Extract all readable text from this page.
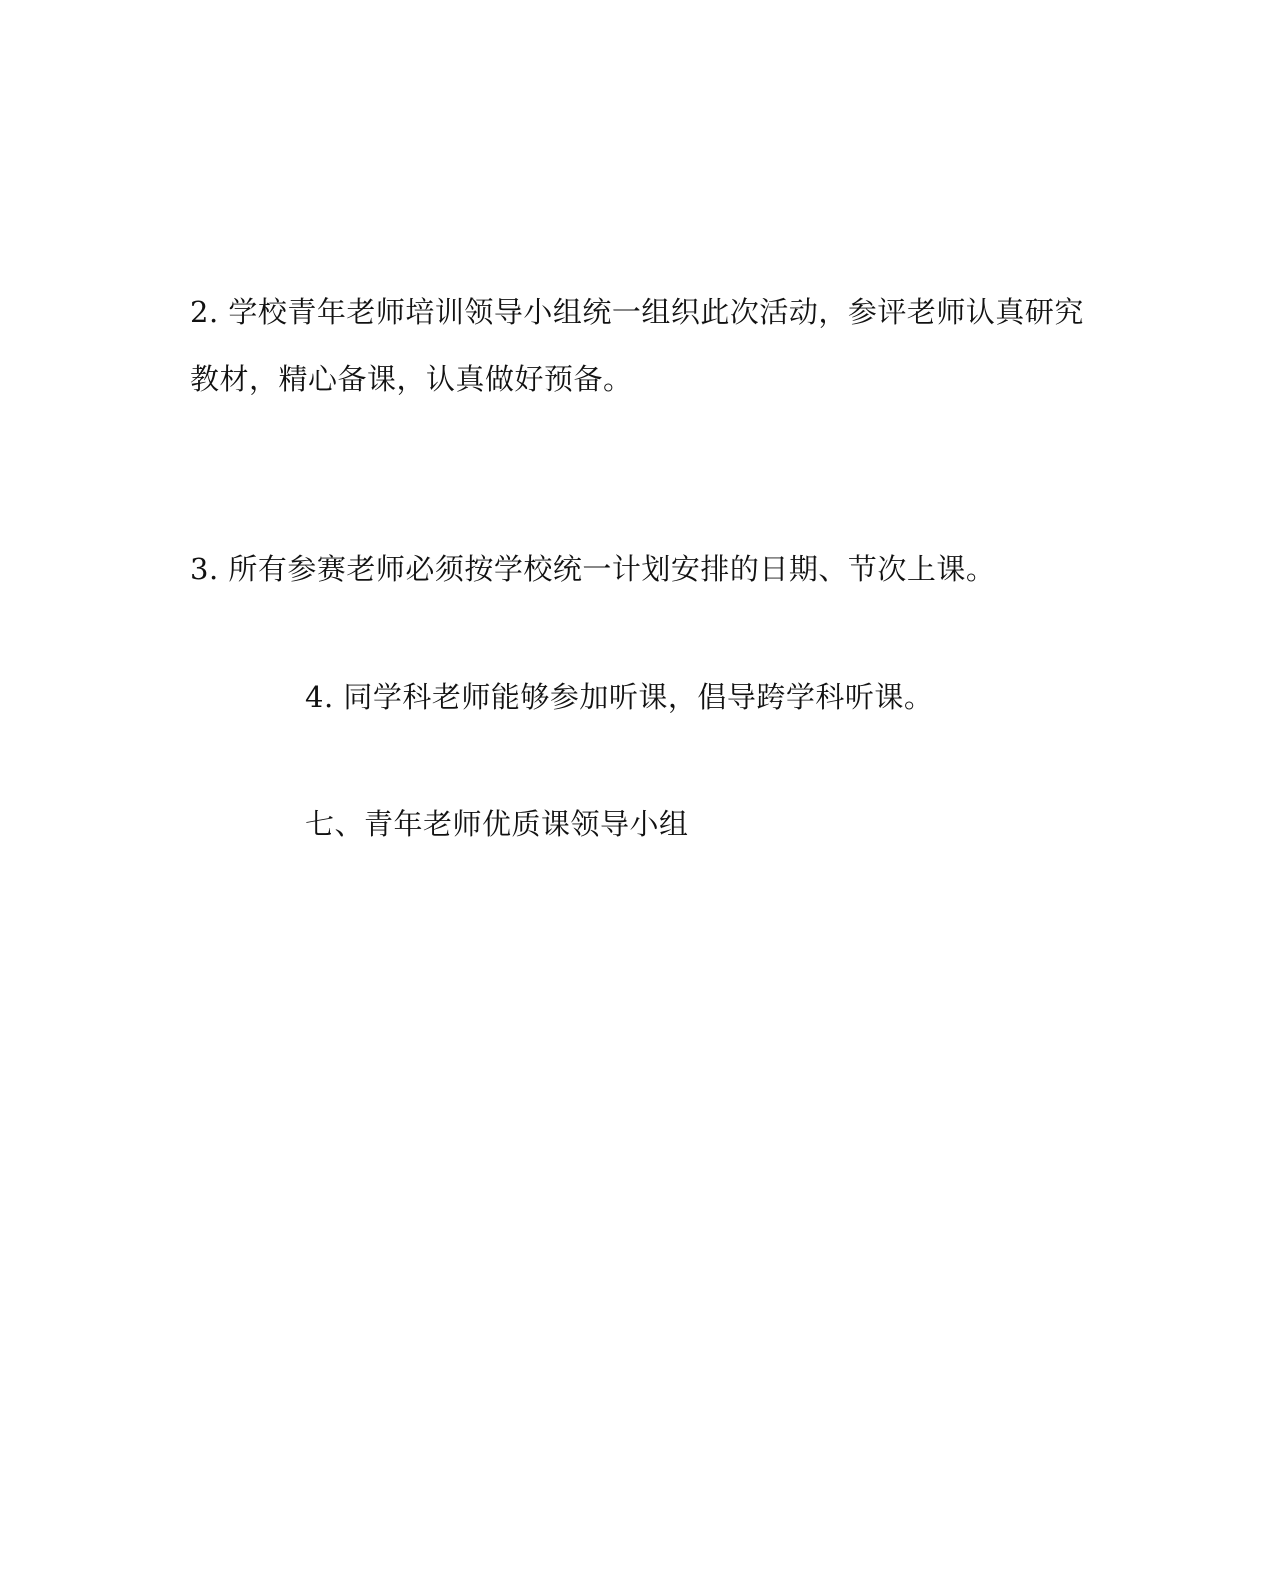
2. 学校青年老师培训领导小组统一组织此次活动，参评老师认真研究
教材，精心备课，认真做好预备。
3. 所有参赛老师必须按学校统一计划安排的日期、节次上课。
4. 同学科老师能够参加听课，倡导跨学科听课。
七、青年老师优质课领导小组
